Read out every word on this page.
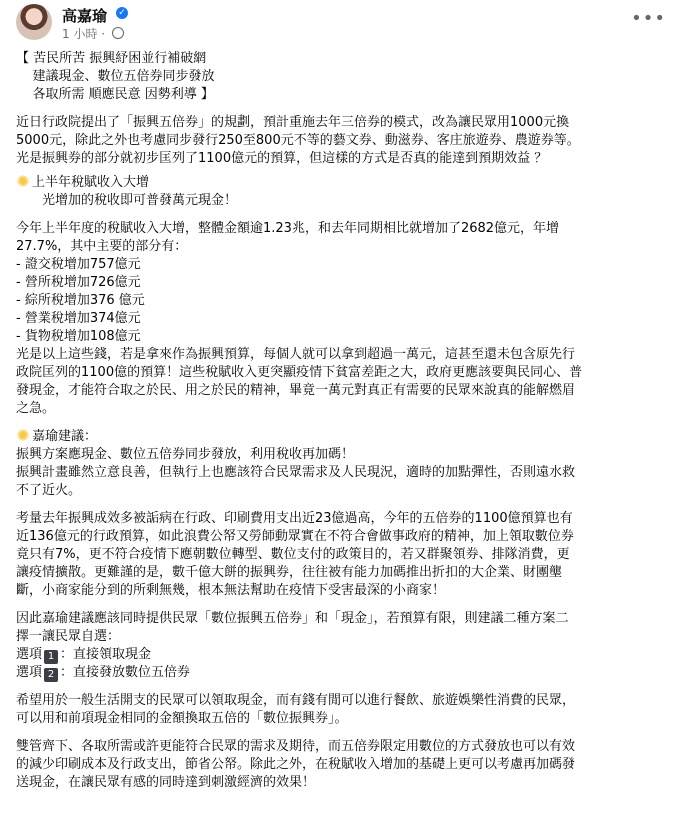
高嘉瑜 ✓
1 小時 ·
•••

【 苦民所苦 振興紓困並行補破網
建議現金、數位五倍券同步發放
各取所需 順應民意 因勢利導 】

近日行政院提出了「振興五倍券」的規劃，預計重施去年三倍券的模式，改為讓民眾用1000元換
5000元，除此之外也考慮同步發行250至800元不等的藝文券、動滋券、客庄旅遊券、農遊券等。
光是振興券的部分就初步匡列了1100億元的預算，但這樣的方式是否真的能達到預期效益 ？

上半年稅賦收入大增
光增加的稅收即可普發萬元現金！

今年上半年度的稅賦收入大增，整體金額逾1.23兆，和去年同期相比就增加了2682億元，年增
27.7%，其中主要的部分有：
- 證交稅增加757億元
- 營所稅增加726億元
- 綜所稅增加376 億元
- 營業稅增加374億元
- 貨物稅增加108億元
光是以上這些錢，若是拿來作為振興預算，每個人就可以拿到超過一萬元，這甚至還未包含原先行
政院匡列的1100億的預算！這些稅賦收入更突顯疫情下貧富差距之大，政府更應該要與民同心、普
發現金，才能符合取之於民、用之於民的精神，畢竟一萬元對真正有需要的民眾來說真的能解燃眉
之急。

嘉瑜建議：
振興方案應現金、數位五倍券同步發放，利用稅收再加碼！
振興計畫雖然立意良善，但執行上也應該符合民眾需求及人民現況，適時的加點彈性，否則遠水救
不了近火。

考量去年振興成效多被詬病在行政、印刷費用支出近23億過高，今年的五倍券的1100億預算也有
近136億元的行政預算，如此浪費公帑又勞師動眾實在不符合會做事政府的精神，加上領取數位券
竟只有7%，更不符合疫情下應朝數位轉型、數位支付的政策目的，若又群聚領券、排隊消費，更
讓疫情擴散。更難謹的是，數千億大餅的振興券，往往被有能力加碼推出折扣的大企業、財團壟
斷，小商家能分到的所剩無幾，根本無法幫助在疫情下受害最深的小商家！

因此嘉瑜建議應該同時提供民眾「數位振興五倍券」和「現金」，若預算有限，則建議二種方案二
擇一讓民眾自選：
選項 1 ：直接領取現金
選項 2 ：直接發放數位五倍券

希望用於一般生活開支的民眾可以領取現金，而有錢有閒可以進行餐飲、旅遊娛樂性消費的民眾，
可以用和前項現金相同的金額換取五倍的「數位振興券」。

雙管齊下、各取所需或許更能符合民眾的需求及期待，而五倍券限定用數位的方式發放也可以有效
的減少印刷成本及行政支出，節省公帑。除此之外，在稅賦收入增加的基礎上更可以考慮再加碼發
送現金，在讓民眾有感的同時達到刺激經濟的效果！
